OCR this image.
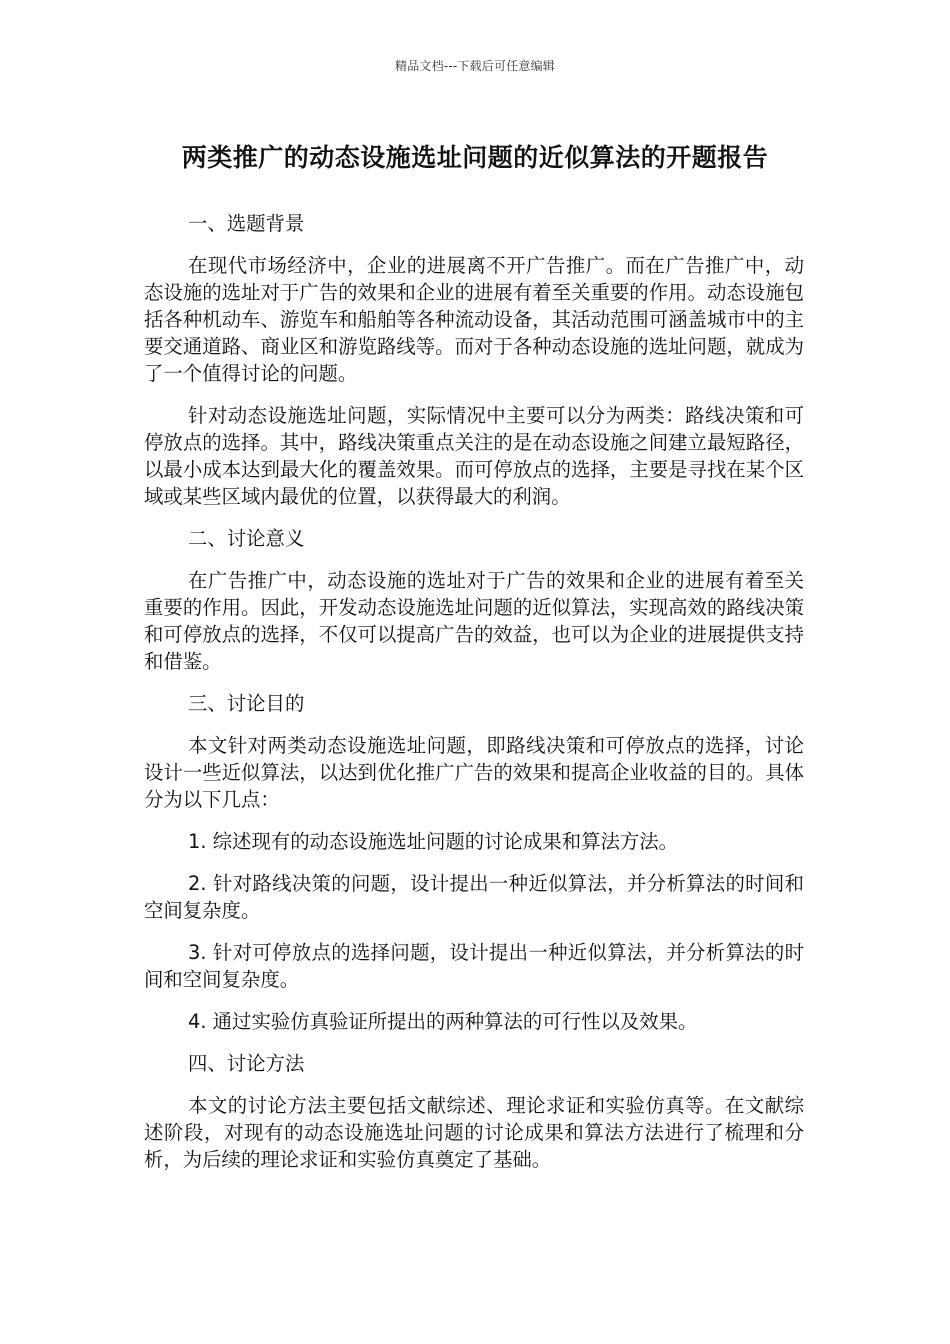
精品文档---下载后可任意编辑
两类推广的动态设施选址问题的近似算法的开题报告

一、选题背景

在现代市场经济中，企业的进展离不开广告推广。而在广告推广中，动态设施的选址对于广告的效果和企业的进展有着至关重要的作用。动态设施包括各种机动车、游览车和船舶等各种流动设备，其活动范围可涵盖城市中的主要交通道路、商业区和游览路线等。而对于各种动态设施的选址问题，就成为了一个值得讨论的问题。

针对动态设施选址问题，实际情况中主要可以分为两类：路线决策和可停放点的选择。其中，路线决策重点关注的是在动态设施之间建立最短路径，以最小成本达到最大化的覆盖效果。而可停放点的选择，主要是寻找在某个区域或某些区域内最优的位置，以获得最大的利润。

二、讨论意义

在广告推广中，动态设施的选址对于广告的效果和企业的进展有着至关重要的作用。因此，开发动态设施选址问题的近似算法，实现高效的路线决策和可停放点的选择，不仅可以提高广告的效益，也可以为企业的进展提供支持和借鉴。

三、讨论目的

本文针对两类动态设施选址问题，即路线决策和可停放点的选择，讨论设计一些近似算法，以达到优化推广广告的效果和提高企业收益的目的。具体分为以下几点：

1. 综述现有的动态设施选址问题的讨论成果和算法方法。

2. 针对路线决策的问题，设计提出一种近似算法，并分析算法的时间和空间复杂度。

3. 针对可停放点的选择问题，设计提出一种近似算法，并分析算法的时间和空间复杂度。

4. 通过实验仿真验证所提出的两种算法的可行性以及效果。

四、讨论方法

本文的讨论方法主要包括文献综述、理论求证和实验仿真等。在文献综述阶段，对现有的动态设施选址问题的讨论成果和算法方法进行了梳理和分析，为后续的理论求证和实验仿真奠定了基础。
